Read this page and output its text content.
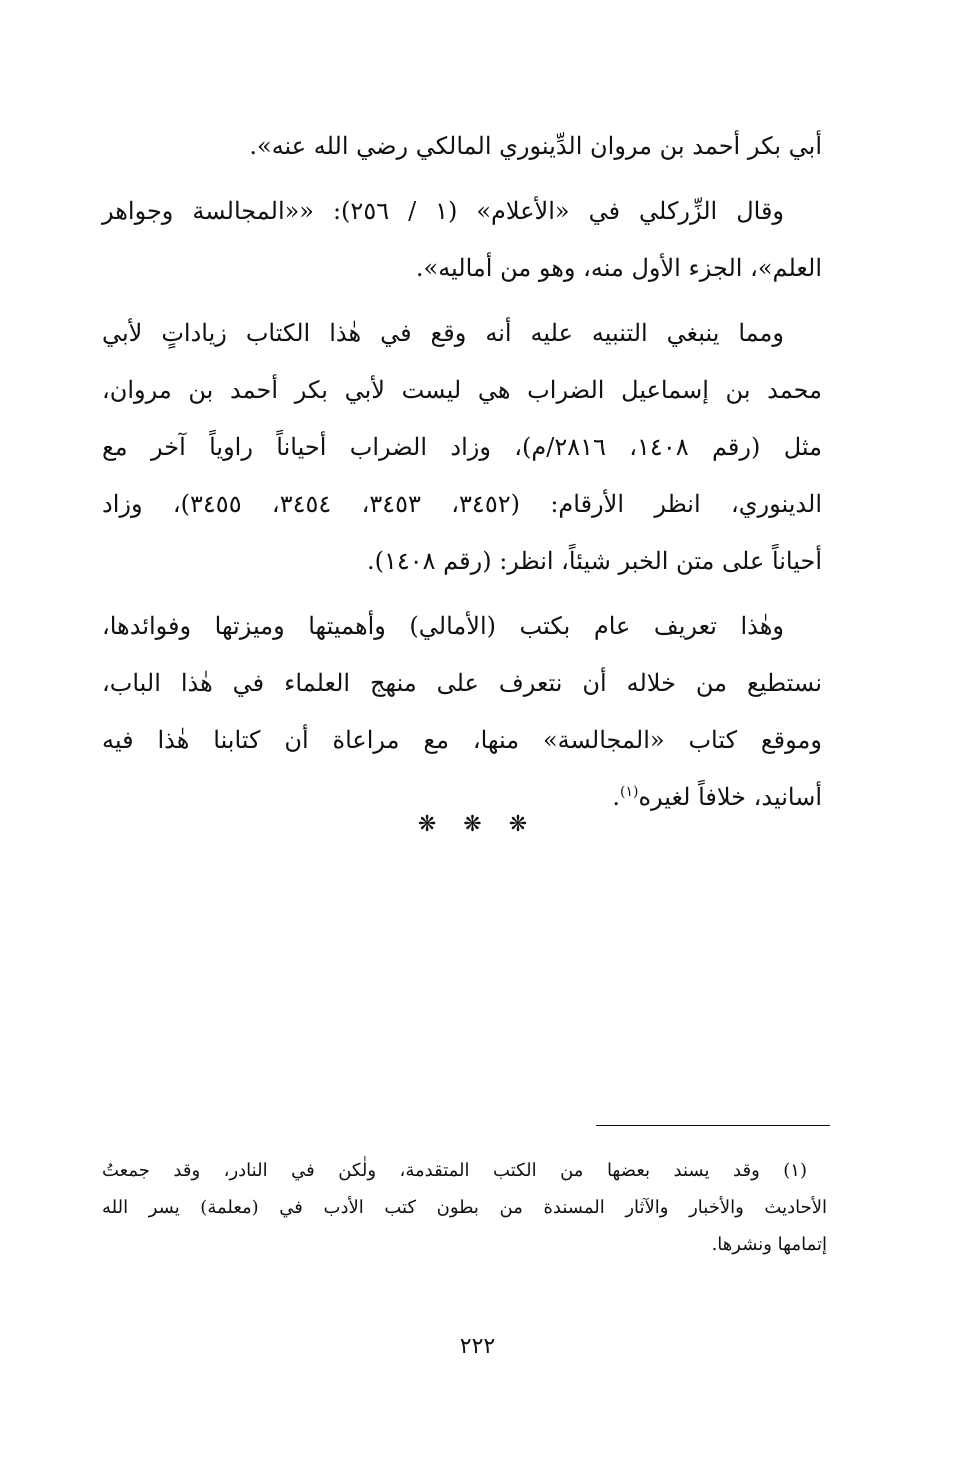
أبي بكر أحمد بن مروان الدِّينوري المالكي رضي الله عنه».

وقال الزِّركلي في «الأعلام» (١ / ٢٥٦): ««المجالسة وجواهر
العلم»، الجزء الأول منه، وهو من أماليه».

ومما ينبغي التنبيه عليه أنه وقع في هٰذا الكتاب زياداتٍ لأبي
محمد بن إسماعيل الضراب هي ليست لأبي بكر أحمد بن مروان،
مثل (رقم ١٤٠٨، ٢٨١٦/م)، وزاد الضراب أحياناً راوياً آخر مع
الدينوري، انظر الأرقام: (٣٤٥٢، ٣٤٥٣، ٣٤٥٤، ٣٤٥٥)، وزاد
أحياناً على متن الخبر شيئاً، انظر: (رقم ١٤٠٨).

وهٰذا تعريف عام بكتب (الأمالي) وأهميتها وميزتها وفوائدها،
نستطيع من خلاله أن نتعرف على منهج العلماء في هٰذا الباب،
وموقع كتاب «المجالسة» منها، مع مراعاة أن كتابنا هٰذا فيه
أسانيد، خلافاً لغيره$^{(١)}$.

❋ ❋ ❋
(١) وقد يسند بعضها من الكتب المتقدمة، ولٰكن في النادر، وقد جمعتُ
الأحاديث والأخبار والآثار المسندة من بطون كتب الأدب في (معلمة) يسر الله
إتمامها ونشرها.
٢٢٢
